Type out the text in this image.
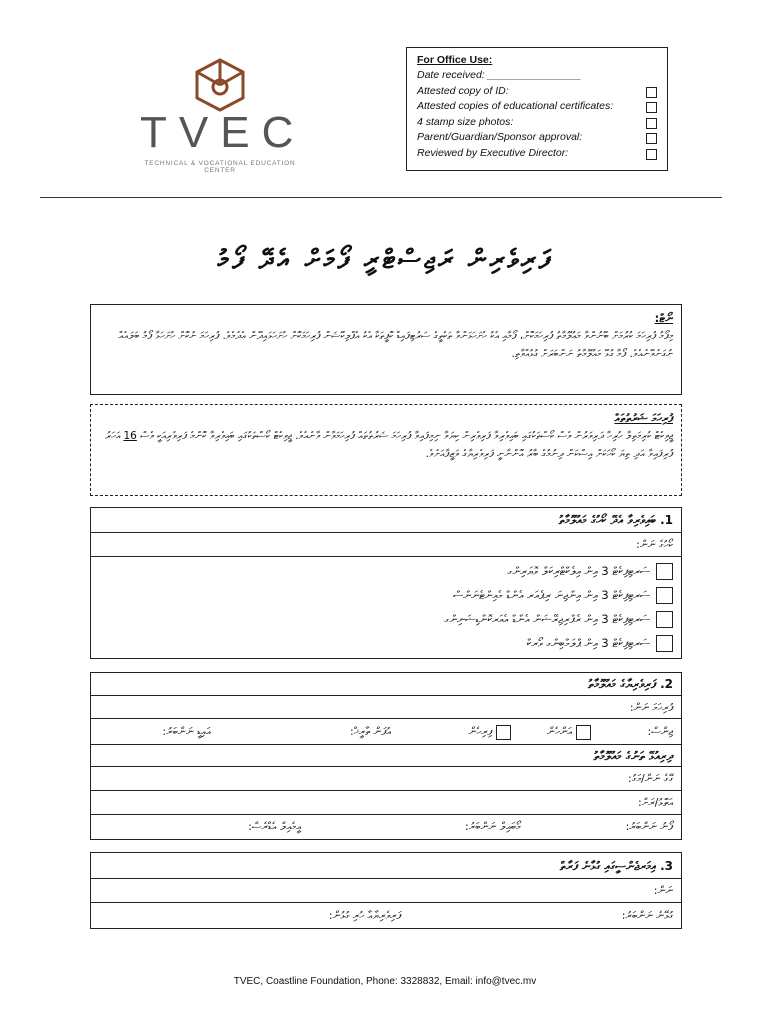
TVEC
TECHNICAL & VOCATIONAL EDUCATION CENTER
For Office Use:
Date received: ________________
Attested copy of ID:
Attested copies of educational certificates:
4 stamp size photos:
Parent/Guardian/Sponsor approval:
Reviewed by Executive Director:
ފަރިވެރިން ރަޖިސްޓްރީ ފޯމަށް އެދޭ ފޯމު
ނޯޓް:
މިފޯމު ފުރިހަމަ ކުރުމަށް ބޭނުންވާ މަޢުލޫމާތު ފުރިހަމަކޮށް، ފޯމާއި އެކު ހުށަހަޅަންވާ ތަކެތީގެ ސަރުޓިފައިޑް ކޮޕީތަކާ އެކު އެޕްލިކޭޝަން ފުރިހަމަކޮށް ހުށަހަޅައިދޭން އެދެމެވެ. ފުރިހަމަ ނުކޮށް ހުށަހަޅާ ފޯމު ބަލައެއް ނުގަނެވޭނެއެވެ. ފޯމާ ގުޅޭ މައުލޫމާތު ނަންބަރަށް ގުޅުއްވާތި.
ފުރިހަމަ ޝަރުތުތައް
ޖީވިކެޓް ކުރިމަތިލާ ހުރިހާ ދަރިވަރުން ވެސް ކޯސްތަކުގައި ބައިވެރިވާ ފަރިވެރިން ކިޔަވާ ނިމިފައިވާ ފުރިހަމަ ޝަރުތުތައް ފުރިހަމަވާން ވާނެއެވެ. ޖީވިކެޓް ކޯސްތަކުގައި ބައިވެރިވާ ކޮންމެ ފަރިވެރިއަކީ ވެސް 16 އަހަރު ފުރިފައިވާ އަދި ތިޔަ ކޯހަކަށް އިސްކަން ދިނުމުގެ ބާރު އޮންނާނީ ފަރިވެރިޔާގެ ވަޒީފާއަށެވެ.
1. ބައިވެރިވާ އެދޭ ކޯހުގެ މައުލޫމާތު
ކޯހުގެ ނަން:
ސަރޓިފިކެޓް 3 އިން އިލެކްޓްރިކަލް ވޮޔަރިންގ
ސަރޓިފިކެޓް 3 އިން އިންޖިނަ ރިޕެއަރ އެންޑް މެއިންޓެނަންސް
ސަރޓިފިކެޓް 3 އިން ރެފްރިޖިރޭޝަން އެންޑް އެއަރކޮންޑިޝަނިންގ
ސަރޓިފިކެޓް 3 އިން ޕްލަމްބިންގ ވޯރކް
2. ފަރިވެރިޔާގެ މައުލޫމާތު
ފުރިހަމަ ނަން:
ޖިންސް:
އަންހެން
ފިރިހެން
އުފަން ތާރީޚް:
އައިޑީ ނަންބަރު:
ދިރިއުޅޭ ތަނުގެ މައުލޫމާތު
ގޭގެ ނަން/މަގު:
އަތޮޅު/ރަށް:
ފޯނު ނަންބަރު:
މޯބައިލް ނަންބަރު:
އީމެއިލް އެޑްރެސް:
3. އިމަރޖެންސީގައި ގުޅާނެ ފަރާތް
ނަން:
ގުޅޭނެ ނަންބަރު:
ފަރިވެރިޔާއާ ހުރި ގުޅުން:
TVEC, Coastline Foundation, Phone: 3328832, Email: info@tvec.mv
